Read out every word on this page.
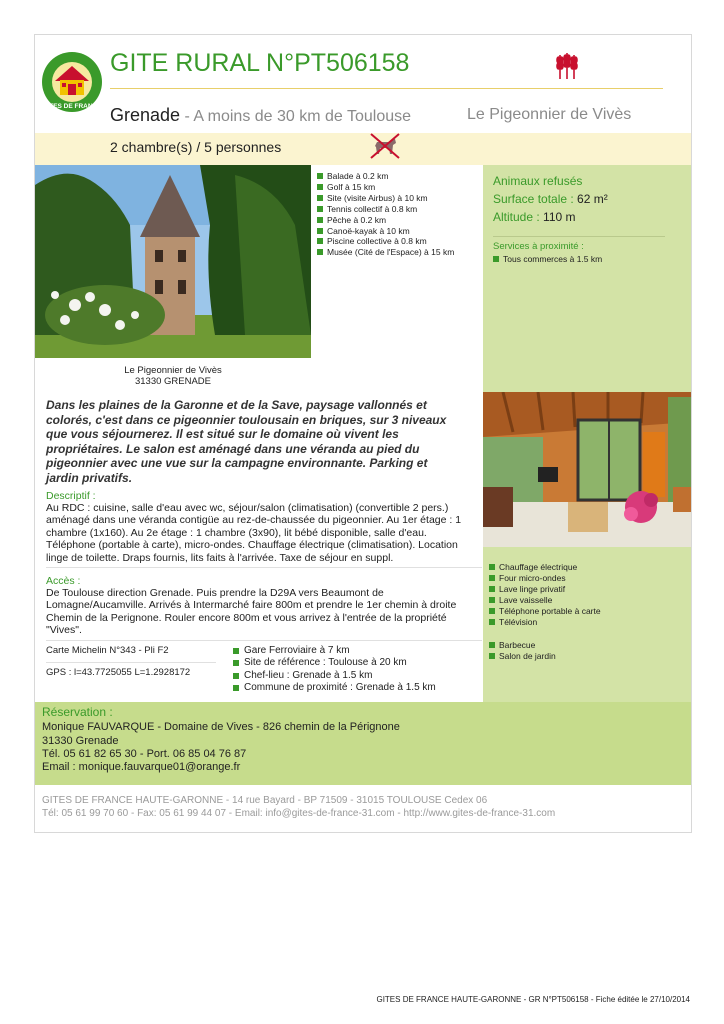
GITES DE FRANCE
GITE RURAL N°PT506158
Grenade - A moins de 30 km de Toulouse	Le Pigeonnier de Vivès
2 chambre(s) / 5 personnes
Le Pigeonnier de Vivès
31330 GRENADE
Balade à 0.2 km
Golf à 15 km
Site (visite Airbus) à 10 km
Tennis collectif à 0.8 km
Pêche à 0.2 km
Canoë-kayak à 10 km
Piscine collective à 0.8 km
Musée (Cité de l'Espace) à 15 km
Animaux refusés
Surface totale : 62 m²
Altitude : 110 m
Services à proximité :
Tous commerces à 1.5 km
Dans les plaines de la Garonne et de la Save, paysage vallonnés et colorés, c'est dans ce pigeonnier toulousain en briques, sur 3 niveaux que vous séjournerez. Il est situé sur le domaine où vivent les propriétaires. Le salon est aménagé dans une véranda au pied du pigeonnier avec une vue sur la campagne environnante. Parking et jardin privatifs.
Descriptif :
Au RDC : cuisine, salle d'eau avec wc, séjour/salon (climatisation) (convertible 2 pers.) aménagé dans une véranda contigüe au rez-de-chaussée du pigeonnier. Au 1er étage : 1 chambre (1x160). Au 2e étage : 1 chambre (3x90), lit bébé disponible, salle d'eau. Téléphone (portable à carte), micro-ondes. Chauffage électrique (climatisation). Location linge de toilette. Draps fournis, lits faits à l'arrivée. Taxe de séjour en suppl.
Accès :
De Toulouse direction Grenade. Puis prendre la D29A vers Beaumont de Lomagne/Aucamville. Arrivés à Intermarché faire 800m et prendre le 1er chemin à droite Chemin de la Perignone. Rouler encore 800m et vous arrivez à l'entrée de la propriété "Vives".
Carte Michelin N°343 - Pli F2
GPS : l=43.7725055 L=1.2928172
Gare Ferroviaire à 7 km
Site de référence : Toulouse à 20 km
Chef-lieu : Grenade à 1.5 km
Commune de proximité : Grenade à 1.5 km
Chauffage électrique
Four micro-ondes
Lave linge privatif
Lave vaisselle
Téléphone portable à carte
Télévision
Barbecue
Salon de jardin
Réservation :
Monique FAUVARQUE - Domaine de Vives - 826 chemin de la Pérignone
31330 Grenade
Tél. 05 61 82 65 30 - Port. 06 85 04 76 87
Email : monique.fauvarque01@orange.fr
GITES DE FRANCE HAUTE-GARONNE - 14 rue Bayard - BP 71509 - 31015 TOULOUSE Cedex 06
Tél: 05 61 99 70 60 - Fax: 05 61 99 44 07 - Email: info@gites-de-france-31.com - http://www.gites-de-france-31.com
GITES DE FRANCE HAUTE-GARONNE - GR N°PT506158 - Fiche éditée le 27/10/2014
